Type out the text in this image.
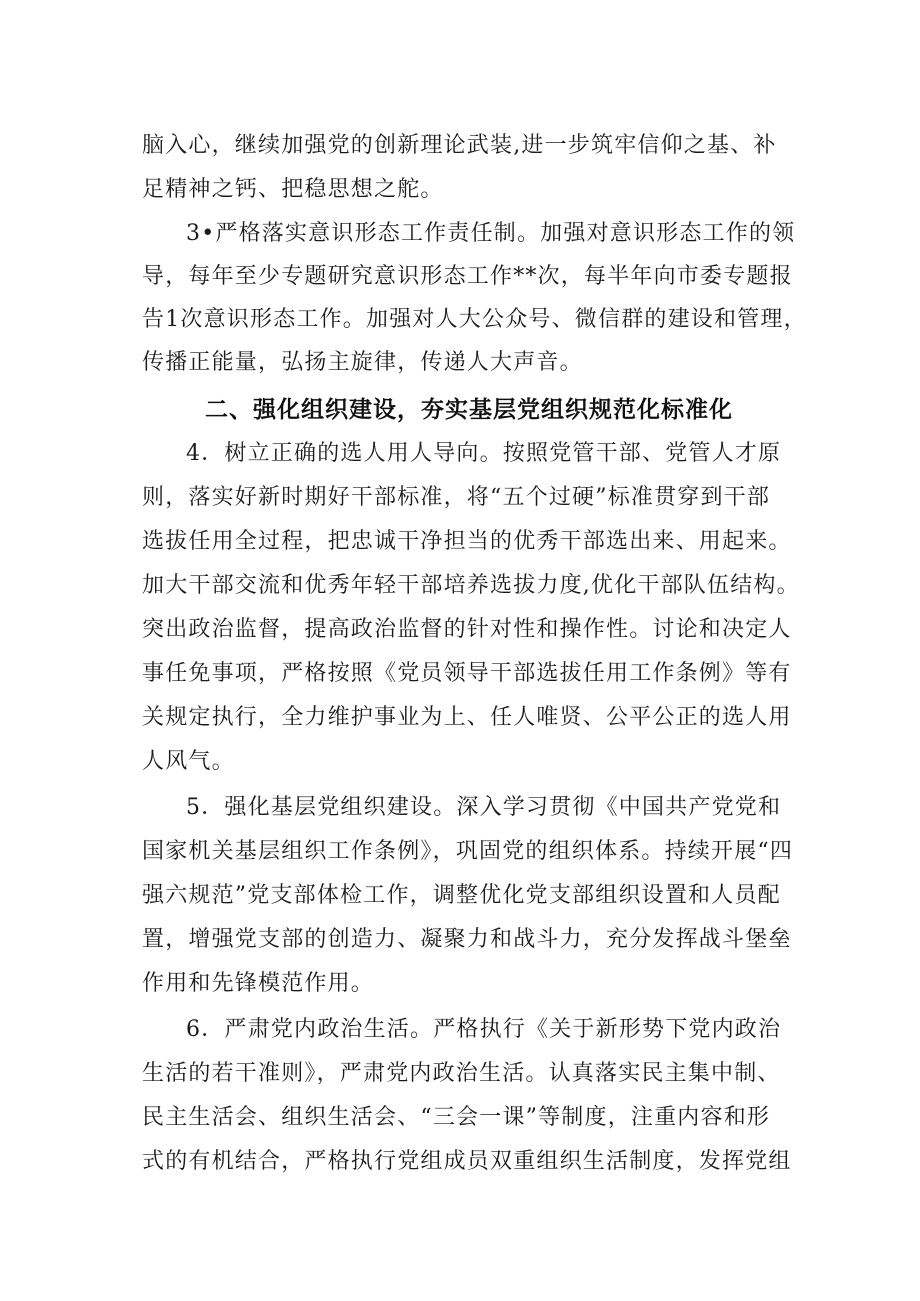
脑入心，继续加强党的创新理论武装,进一步筑牢信仰之基、补
足精神之钙、把稳思想之舵。
3•严格落实意识形态工作责任制。加强对意识形态工作的领
导，每年至少专题研究意识形态工作**次，每半年向市委专题报
告1次意识形态工作。加强对人大公众号、微信群的建设和管理，
传播正能量，弘扬主旋律，传递人大声音。
二、强化组织建设，夯实基层党组织规范化标准化
4．树立正确的选人用人导向。按照党管干部、党管人才原
则，落实好新时期好干部标准，将“五个过硬”标准贯穿到干部
选拔任用全过程，把忠诚干净担当的优秀干部选出来、用起来。
加大干部交流和优秀年轻干部培养选拔力度,优化干部队伍结构。
突出政治监督，提高政治监督的针对性和操作性。讨论和决定人
事任免事项，严格按照《党员领导干部选拔任用工作条例》等有
关规定执行，全力维护事业为上、任人唯贤、公平公正的选人用
人风气。
5．强化基层党组织建设。深入学习贯彻《中国共产党党和
国家机关基层组织工作条例》，巩固党的组织体系。持续开展“四
强六规范”党支部体检工作，调整优化党支部组织设置和人员配
置，增强党支部的创造力、凝聚力和战斗力，充分发挥战斗堡垒
作用和先锋模范作用。
6．严肃党内政治生活。严格执行《关于新形势下党内政治
生活的若干准则》，严肃党内政治生活。认真落实民主集中制、
民主生活会、组织生活会、“三会一课”等制度，注重内容和形
式的有机结合，严格执行党组成员双重组织生活制度，发挥党组
